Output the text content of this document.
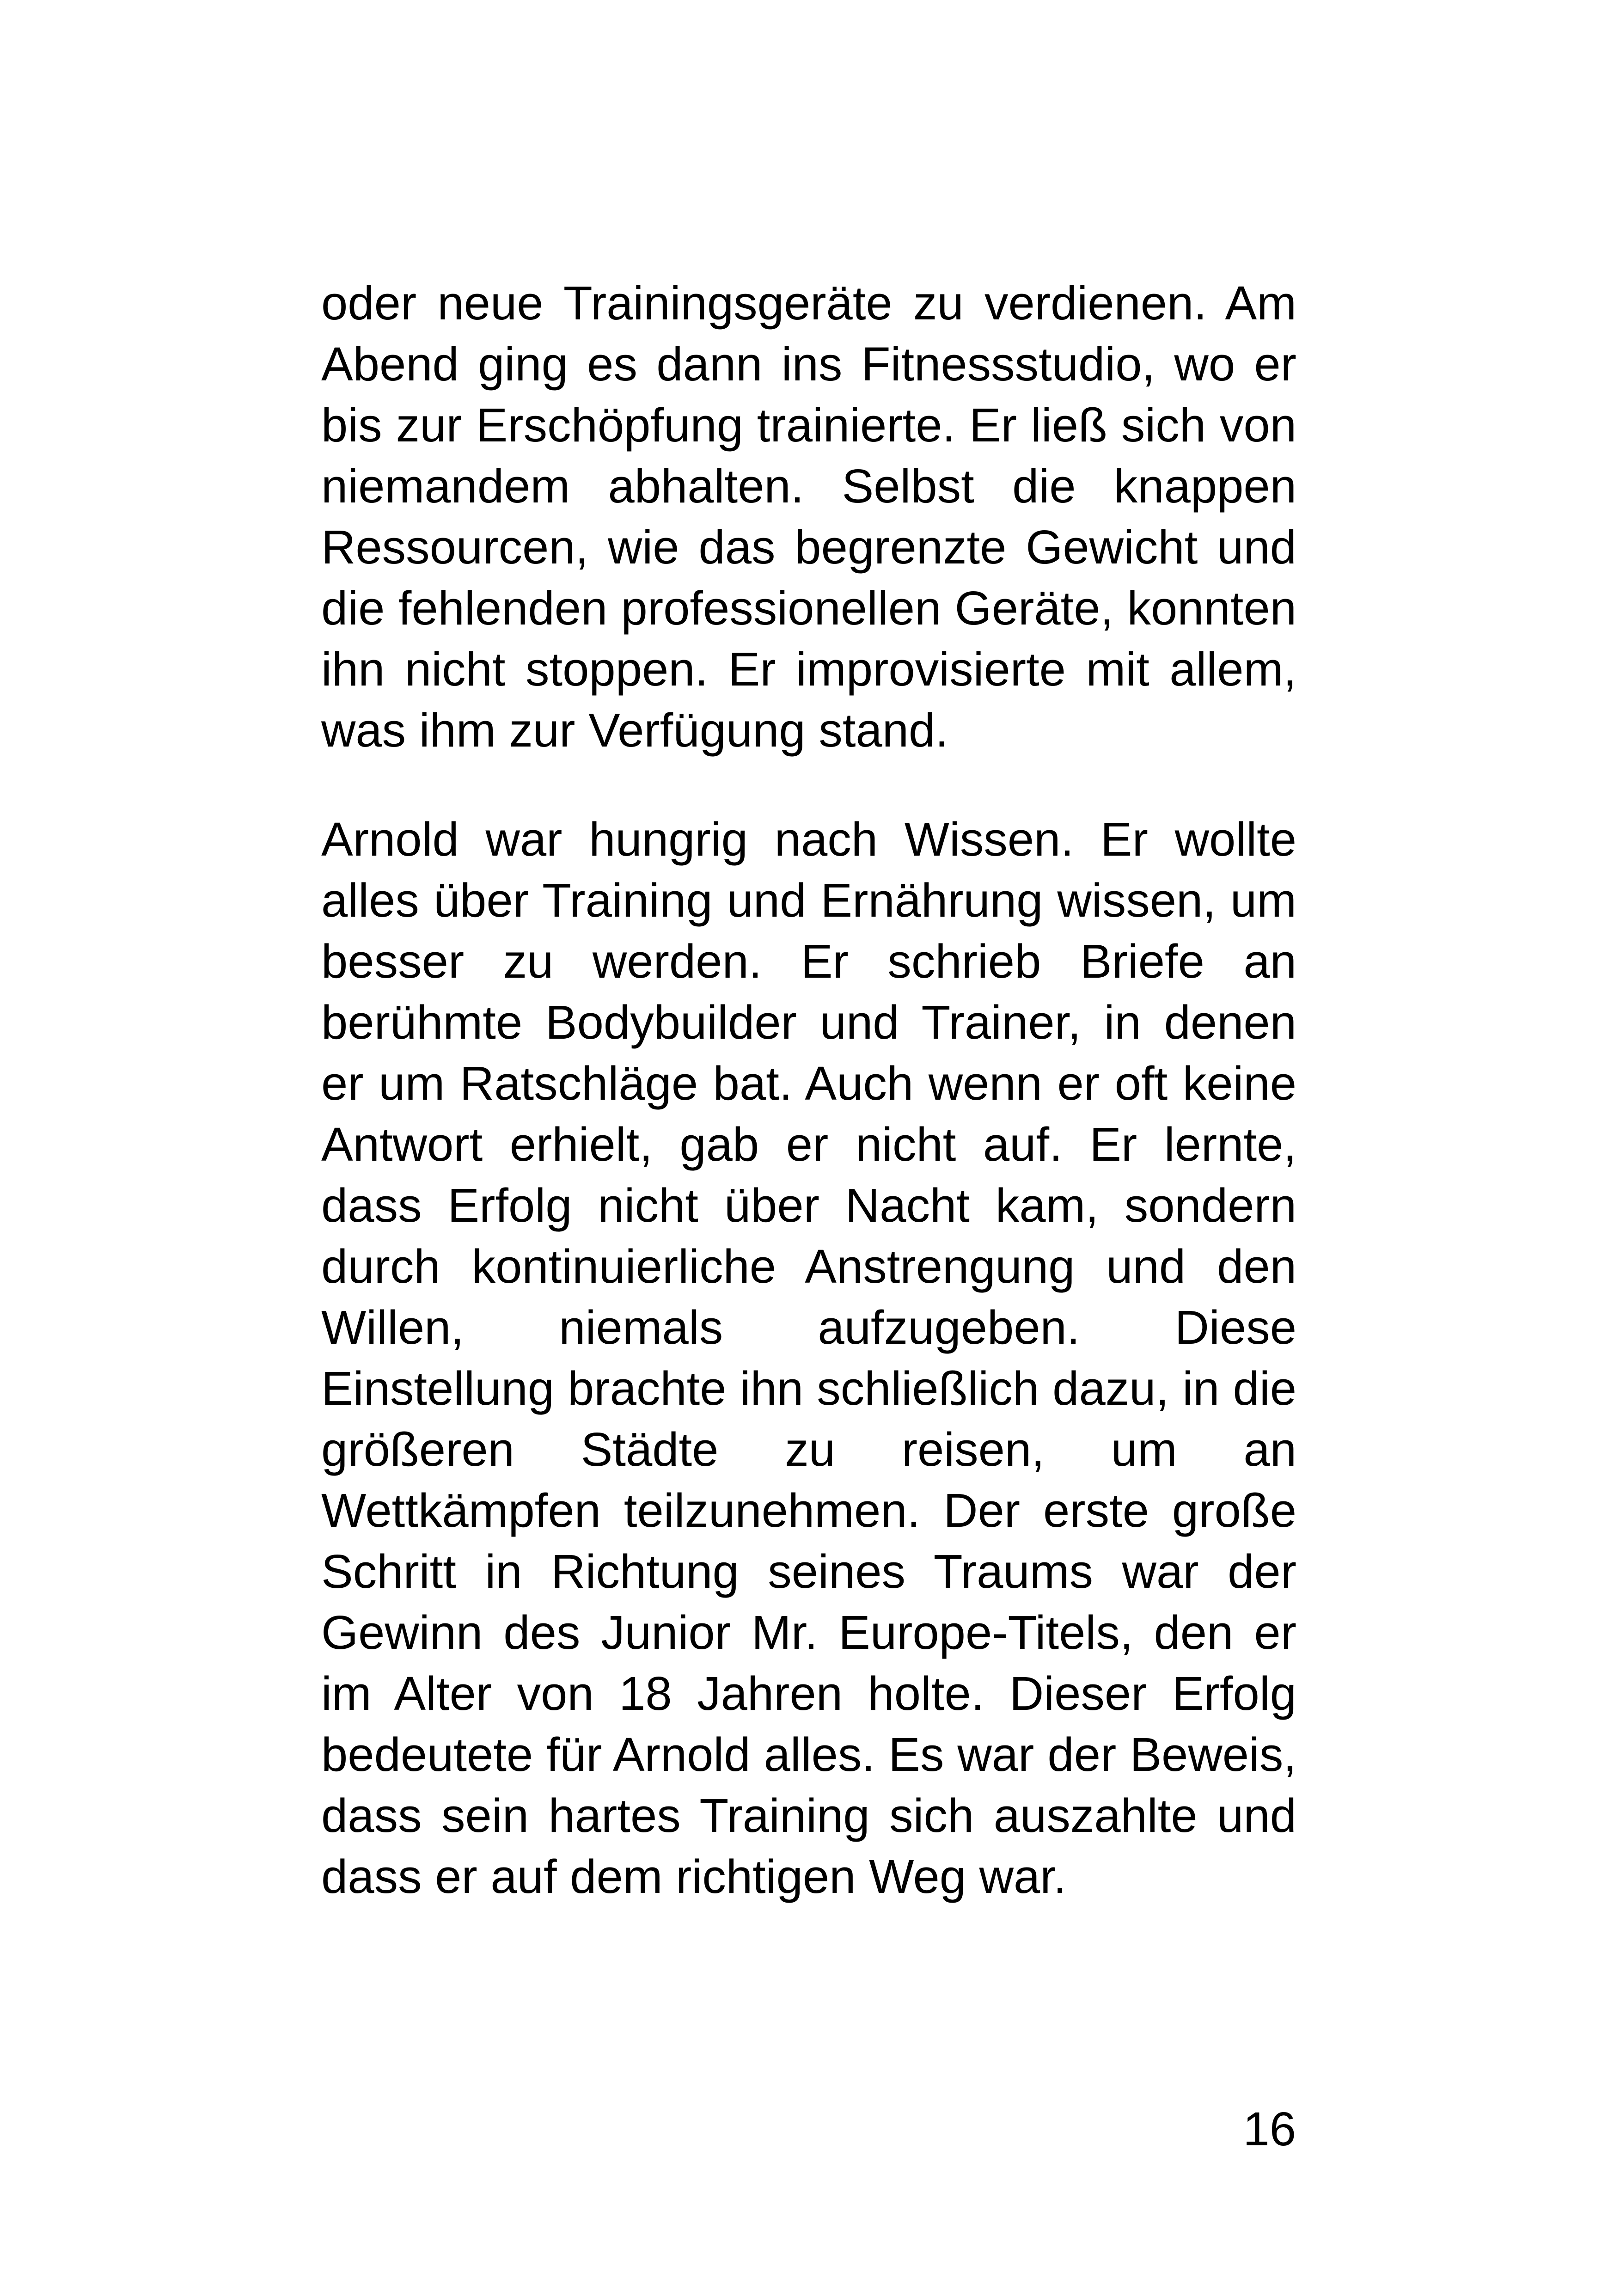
oder neue Trainingsgeräte zu verdienen. Am Abend ging es dann ins Fitnessstudio, wo er bis zur Erschöpfung trainierte. Er ließ sich von niemandem abhalten. Selbst die knappen Ressourcen, wie das begrenzte Gewicht und die fehlenden professionellen Geräte, konnten ihn nicht stoppen. Er improvisierte mit allem, was ihm zur Verfügung stand.

Arnold war hungrig nach Wissen. Er wollte alles über Training und Ernährung wissen, um besser zu werden. Er schrieb Briefe an berühmte Bodybuilder und Trainer, in denen er um Ratschläge bat. Auch wenn er oft keine Antwort erhielt, gab er nicht auf. Er lernte, dass Erfolg nicht über Nacht kam, sondern durch kontinuierliche Anstrengung und den Willen, niemals aufzugeben. Diese Einstellung brachte ihn schließlich dazu, in die größeren Städte zu reisen, um an Wettkämpfen teilzunehmen. Der erste große Schritt in Richtung seines Traums war der Gewinn des Junior Mr. Europe-Titels, den er im Alter von 18 Jahren holte. Dieser Erfolg bedeutete für Arnold alles. Es war der Beweis, dass sein hartes Training sich auszahlte und dass er auf dem richtigen Weg war.

16
